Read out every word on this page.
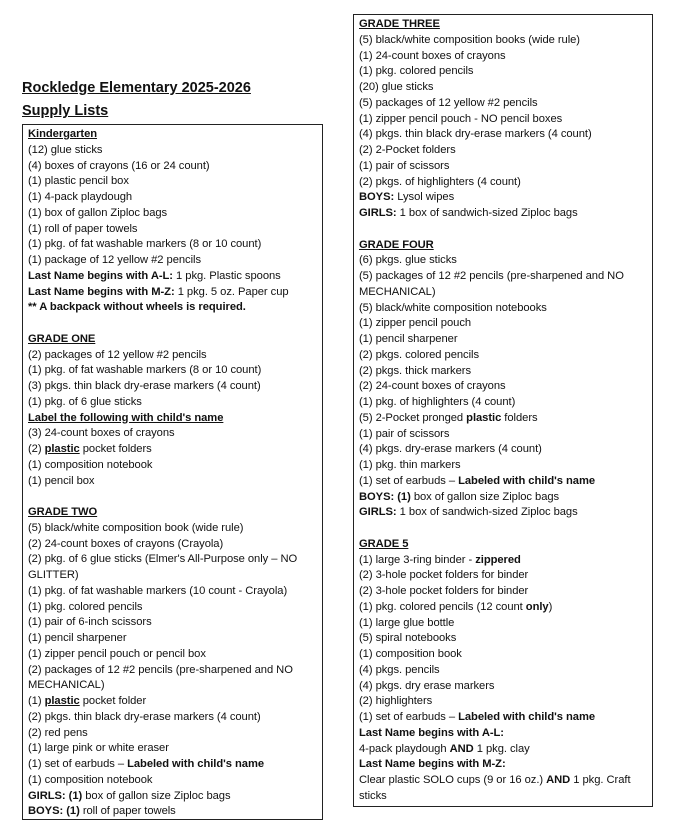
Rockledge Elementary 2025-2026
Supply Lists
Kindergarten
(12) glue sticks
(4) boxes of crayons (16 or 24 count)
(1) plastic pencil box
(1) 4-pack playdough
(1) box of gallon Ziploc bags
(1) roll of paper towels
(1) pkg. of fat washable markers (8 or 10 count)
(1) package of 12 yellow #2 pencils
Last Name begins with A-L: 1 pkg. Plastic spoons
Last Name begins with M-Z: 1 pkg. 5 oz. Paper cup
** A backpack without wheels is required.
GRADE ONE
(2) packages of 12 yellow #2 pencils
(1) pkg. of fat washable markers (8 or 10 count)
(3) pkgs. thin black dry-erase markers (4 count)
(1) pkg. of 6 glue sticks
Label the following with child's name
(3) 24-count boxes of crayons
(2) plastic pocket folders
(1) composition notebook
(1) pencil box
GRADE TWO
(5) black/white composition book (wide rule)
(2) 24-count boxes of crayons (Crayola)
(2) pkg. of 6 glue sticks (Elmer's All-Purpose only – NO GLITTER)
(1) pkg. of fat washable markers (10 count - Crayola)
(1) pkg. colored pencils
(1) pair of 6-inch scissors
(1) pencil sharpener
(1) zipper pencil pouch or pencil box
(2) packages of 12 #2 pencils (pre-sharpened and NO MECHANICAL)
(1) plastic pocket folder
(2) pkgs. thin black dry-erase markers (4 count)
(2) red pens
(1) large pink or white eraser
(1) set of earbuds – Labeled with child's name
(1) composition notebook
GIRLS: (1) box of gallon size Ziploc bags
BOYS: (1) roll of paper towels
GRADE THREE
(5) black/white composition books (wide rule)
(1) 24-count boxes of crayons
(1) pkg. colored pencils
(20) glue sticks
(5) packages of 12 yellow #2 pencils
(1) zipper pencil pouch - NO pencil boxes
(4) pkgs. thin black dry-erase markers (4 count)
(2) 2-Pocket folders
(1) pair of scissors
(2) pkgs. of highlighters (4 count)
BOYS: Lysol wipes
GIRLS: 1 box of sandwich-sized Ziploc bags
GRADE FOUR
(6) pkgs. glue sticks
(5) packages of 12 #2 pencils (pre-sharpened and NO MECHANICAL)
(5) black/white composition notebooks
(1) zipper pencil pouch
(1) pencil sharpener
(2) pkgs. colored pencils
(2) pkgs. thick markers
(2) 24-count boxes of crayons
(1) pkg. of highlighters (4 count)
(5) 2-Pocket pronged plastic folders
(1) pair of scissors
(4) pkgs. dry-erase markers (4 count)
(1) pkg. thin markers
(1) set of earbuds – Labeled with child's name
BOYS: (1) box of gallon size Ziploc bags
GIRLS: 1 box of sandwich-sized Ziploc bags
GRADE 5
(1) large 3-ring binder - zippered
(2) 3-hole pocket folders for binder
(2) 3-hole pocket folders for binder
(1) pkg. colored pencils (12 count only)
(1) large glue bottle
(5) spiral notebooks
(1) composition book
(4) pkgs. pencils
(4) pkgs. dry erase markers
(2) highlighters
(1) set of earbuds – Labeled with child's name
Last Name begins with A-L:
4-pack playdough AND 1 pkg. clay
Last Name begins with M-Z:
Clear plastic SOLO cups (9 or 16 oz.) AND 1 pkg. Craft sticks
